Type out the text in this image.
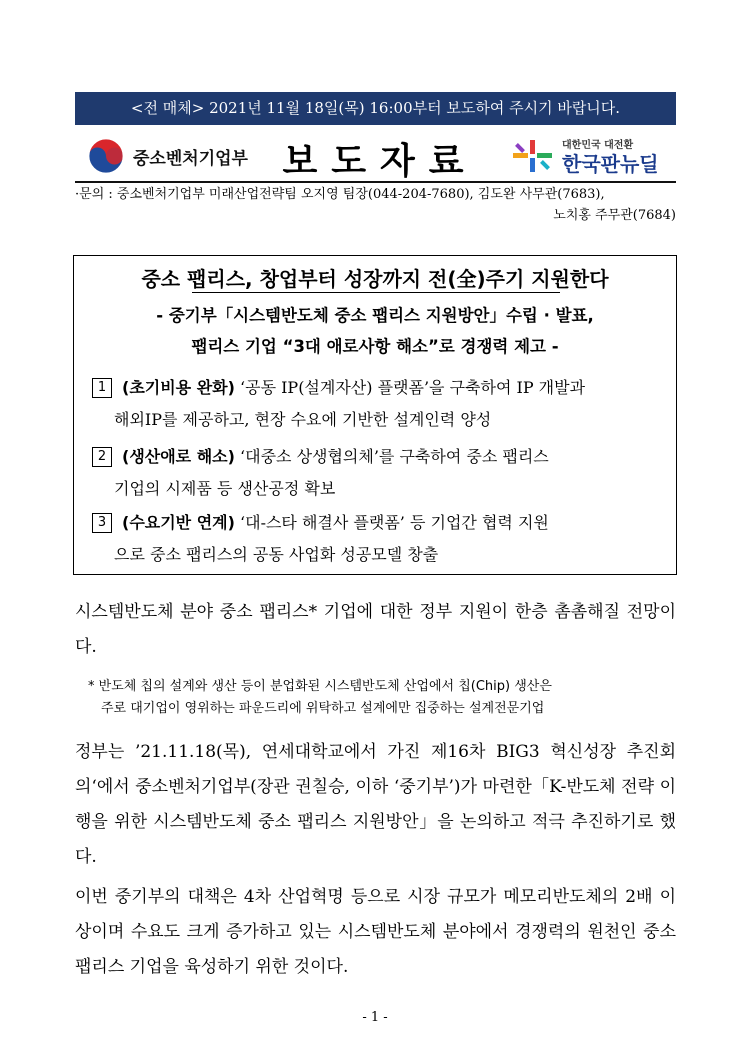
<전 매체> 2021년 11월 18일(목) 16:00부터 보도하여 주시기 바랍니다.
중소벤처기업부 보도자료	대한민국 대전환
한국판뉴딜
·문의 : 중소벤처기업부 미래산업전략팀 오지영 팀장(044-204-7680), 김도완 사무관(7683),
노치홍 주무관(7684)
중소 팹리스, 창업부터 성장까지 전(全)주기 지원한다
- 중기부「시스템반도체 중소 팹리스 지원방안」수립 · 발표,
팹리스 기업 “3대 애로사항 해소”로 경쟁력 제고 -
1 (초기비용 완화) ‘공동 IP(설계자산) 플랫폼’을 구축하여 IP 개발과
해외IP를 제공하고, 현장 수요에 기반한 설계인력 양성
2 (생산애로 해소) ‘대중소 상생협의체’를 구축하여 중소 팹리스
기업의 시제품 등 생산공정 확보
3 (수요기반 연계) ‘대-스타 해결사 플랫폼’ 등 기업간 협력 지원
으로 중소 팹리스의 공동 사업화 성공모델 창출
시스템반도체 분야 중소 팹리스* 기업에 대한 정부 지원이 한층 촘촘해질 전망이다.
* 반도체 칩의 설계와 생산 등이 분업화된 시스템반도체 산업에서 칩(Chip) 생산은
주로 대기업이 영위하는 파운드리에 위탁하고 설계에만 집중하는 설계전문기업
정부는 ’21.11.18(목), 연세대학교에서 가진 제16차 BIG3 혁신성장 추진회의‘에서 중소벤처기업부(장관 권칠승, 이하 ‘중기부’)가 마련한「K-반도체 전략 이행을 위한 시스템반도체 중소 팹리스 지원방안」을 논의하고 적극 추진하기로 했다.
이번 중기부의 대책은 4차 산업혁명 등으로 시장 규모가 메모리반도체의 2배 이상이며 수요도 크게 증가하고 있는 시스템반도체 분야에서 경쟁력의 원천인 중소 팹리스 기업을 육성하기 위한 것이다.
- 1 -
